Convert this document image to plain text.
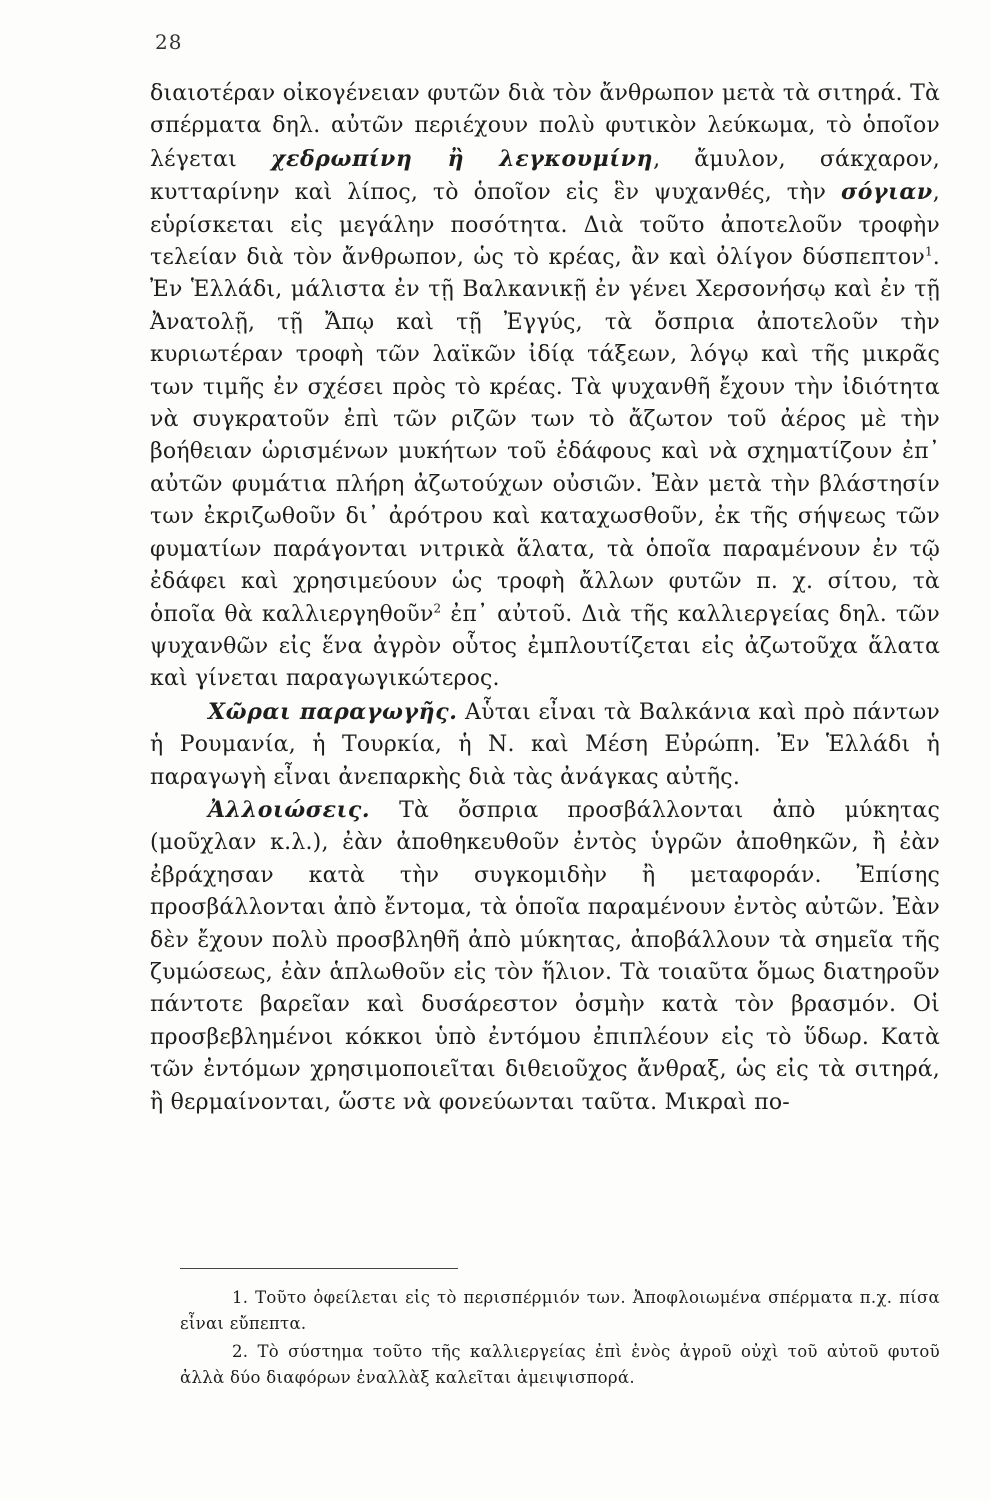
28

διαιοτέραν οἰκογένειαν φυτῶν διὰ τὸν ἄνθρωπον μετὰ τὰ σιτηρά. Τὰ σπέρματα δηλ. αὐτῶν περιέχουν πολὺ φυτικὸν λεύκωμα, τὸ ὁποῖον λέγεται χεδρωπίνη ἢ λεγκουμίνη, ἄμυλον, σάκχαρον, κυτταρίνην καὶ λίπος, τὸ ὁποῖον εἰς ἓν ψυχανθές, τὴν σόγιαν, εὑρίσκεται εἰς μεγάλην ποσότητα. Διὰ τοῦτο ἀποτελοῦν τροφὴν τελείαν διὰ τὸν ἄνθρωπον, ὡς τὸ κρέας, ἂν καὶ ὀλίγον δύσπεπτον$^1$. Ἐν Ἑλλάδι, μάλιστα ἐν τῇ Βαλκανικῇ ἐν γένει Χερσονήσῳ καὶ ἐν τῇ Ἀνατολῇ, τῇ Ἄπῳ καὶ τῇ Ἐγγύς, τὰ ὄσπρια ἀποτελοῦν τὴν κυριωτέραν τροφὴ τῶν λαϊκῶν ἰδίᾳ τάξεων, λόγῳ καὶ τῆς μικρᾶς των τιμῆς ἐν σχέσει πρὸς τὸ κρέας. Τὰ ψυχανθῆ ἔχουν τὴν ἰδιότητα νὰ συγκρατοῦν ἐπὶ τῶν ριζῶν των τὸ ἄζωτον τοῦ ἀέρος μὲ τὴν βοήθειαν ὡρισμένων μυκήτων τοῦ ἐδάφους καὶ νὰ σχηματίζουν ἐπ᾿ αὐτῶν φυμάτια πλήρη ἀζωτούχων οὐσιῶν. Ἐὰν μετὰ τὴν βλάστησίν των ἐκριζωθοῦν δι᾿ ἀρότρου καὶ καταχωσθοῦν, ἐκ τῆς σήψεως τῶν φυματίων παράγονται νιτρικὰ ἅλατα, τὰ ὁποῖα παραμένουν ἐν τῷ ἐδάφει καὶ χρησιμεύουν ὡς τροφὴ ἄλλων φυτῶν π. χ. σίτου, τὰ ὁποῖα θὰ καλλιεργηθοῦν$^2$ ἐπ᾿ αὐτοῦ. Διὰ τῆς καλλιεργείας δηλ. τῶν ψυχανθῶν εἰς ἕνα ἀγρὸν οὗτος ἐμπλουτίζεται εἰς ἀζωτοῦχα ἅλατα καὶ γίνεται παραγωγικώτερος.

Χῶραι παραγωγῆς. Αὗται εἶναι τὰ Βαλκάνια καὶ πρὸ πάντων ἡ Ρουμανία, ἡ Τουρκία, ἡ Ν. καὶ Μέση Εὐρώπη. Ἐν Ἑλλάδι ἡ παραγωγὴ εἶναι ἀνεπαρκὴς διὰ τὰς ἀνάγκας αὐτῆς.

Ἀλλοιώσεις. Τὰ ὄσπρια προσβάλλονται ἀπὸ μύκητας (μοῦχλαν κ.λ.), ἐὰν ἀποθηκευθοῦν ἐντὸς ὑγρῶν ἀποθηκῶν, ἢ ἐὰν ἐβράχησαν κατὰ τὴν συγκομιδὴν ἢ μεταφοράν. Ἐπίσης προσβάλλονται ἀπὸ ἔντομα, τὰ ὁποῖα παραμένουν ἐντὸς αὐτῶν. Ἐὰν δὲν ἔχουν πολὺ προσβληθῆ ἀπὸ μύκητας, ἀποβάλλουν τὰ σημεῖα τῆς ζυμώσεως, ἐὰν ἁπλωθοῦν εἰς τὸν ἥλιον. Τὰ τοιαῦτα ὅμως διατηροῦν πάντοτε βαρεῖαν καὶ δυσάρεστον ὀσμὴν κατὰ τὸν βρασμόν. Οἱ προσβεβλημένοι κόκκοι ὑπὸ ἐντόμου ἐπιπλέουν εἰς τὸ ὕδωρ. Κατὰ τῶν ἐντόμων χρησιμοποιεῖται διθειοῦχος ἄνθραξ, ὡς εἰς τὰ σιτηρά, ἢ θερμαίνονται, ὥστε νὰ φονεύωνται ταῦτα. Μικραὶ πο-

1. Τοῦτο ὀφείλεται εἰς τὸ περισπέρμιόν των. Ἀποφλοιωμένα σπέρματα π.χ. πίσα εἶναι εὔπεπτα.

2. Τὸ σύστημα τοῦτο τῆς καλλιεργείας ἐπὶ ἑνὸς ἀγροῦ οὐχὶ τοῦ αὐτοῦ φυτοῦ ἀλλὰ δύο διαφόρων ἐναλλὰξ καλεῖται ἀμειψισπορά.
